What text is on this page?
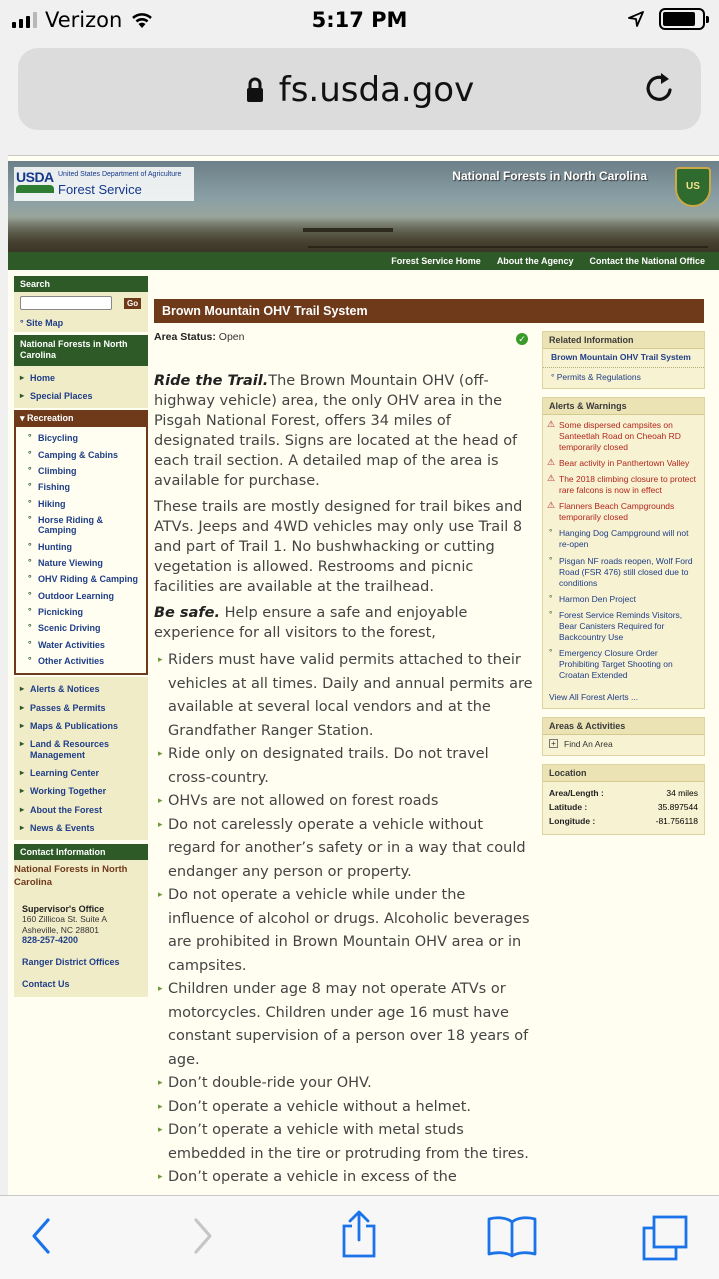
Verizon	5:17 PM
fs.usda.gov
USDA United States Department of Agriculture
Forest Service
National Forests in North Carolina
US
Forest Service Home About the Agency Contact the National Office
Search
Go
° Site Map
National Forests in North Carolina
▸ Home
▸ Special Places
▾ Recreation
° Bicycling
° Camping & Cabins
° Climbing
° Fishing
° Hiking
° Horse Riding & Camping
° Hunting
° Nature Viewing
° OHV Riding & Camping
° Outdoor Learning
° Picnicking
° Scenic Driving
° Water Activities
° Other Activities
▸ Alerts & Notices
▸ Passes & Permits
▸ Maps & Publications
▸ Land & Resources Management
▸ Learning Center
▸ Working Together
▸ About the Forest
▸ News & Events
Contact Information
National Forests in North Carolina
Supervisor's Office
160 Zillicoa St. Suite A
Asheville, NC 28801
828-257-4200
Ranger District Offices
Contact Us
Brown Mountain OHV Trail System
Area Status: Open	✓

Ride the Trail.The Brown Mountain OHV (off-highway vehicle) area, the only OHV area in the Pisgah National Forest, offers 34 miles of designated trails. Signs are located at the head of each trail section. A detailed map of the area is available for purchase.

These trails are mostly designed for trail bikes and ATVs. Jeeps and 4WD vehicles may only use Trail 8 and part of Trail 1. No bushwhacking or cutting vegetation is allowed. Restrooms and picnic facilities are available at the trailhead.

Be safe. Help ensure a safe and enjoyable experience for all visitors to the forest,

▸ Riders must have valid permits attached to their vehicles at all times. Daily and annual permits are available at several local vendors and at the Grandfather Ranger Station.
▸ Ride only on designated trails. Do not travel cross-country.
▸ OHVs are not allowed on forest roads
▸ Do not carelessly operate a vehicle without regard for another’s safety or in a way that could endanger any person or property.
▸ Do not operate a vehicle while under the influence of alcohol or drugs. Alcoholic beverages are prohibited in Brown Mountain OHV area or in campsites.
▸ Children under age 8 may not operate ATVs or motorcycles. Children under age 16 must have constant supervision of a person over 18 years of age.
▸ Don’t double-ride your OHV.
▸ Don’t operate a vehicle without a helmet.
▸ Don’t operate a vehicle with metal studs embedded in the tire or protruding from the tires.
▸ Don’t operate a vehicle in excess of the
Related Information
Brown Mountain OHV Trail System
° Permits & Regulations
Alerts & Warnings
⚠ Some dispersed campsites on Santeetlah Road on Cheoah RD temporarily closed
⚠ Bear activity in Panthertown Valley
⚠ The 2018 climbing closure to protect rare falcons is now in effect
⚠ Flanners Beach Campgrounds temporarily closed
° Hanging Dog Campground will not re-open
° Pisgan NF roads reopen, Wolf Ford Road (FSR 476) still closed due to conditions
° Harmon Den Project
° Forest Service Reminds Visitors, Bear Canisters Required for Backcountry Use
° Emergency Closure Order Prohibiting Target Shooting on Croatan Extended
View All Forest Alerts ...
Areas & Activities
+ Find An Area
Location
Area/Length :	34 miles
Latitude :	35.897544
Longitude :	-81.756118
